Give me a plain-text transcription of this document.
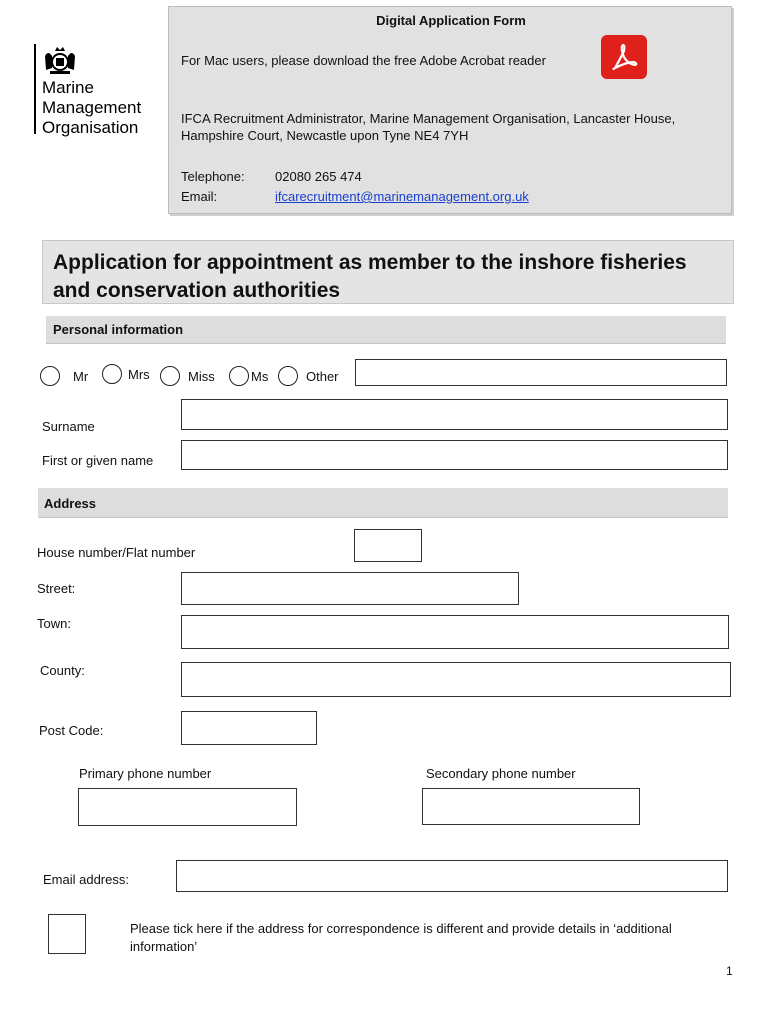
Marine
Management
Organisation
Digital Application Form
For Mac users, please download the free Adobe Acrobat reader
IFCA Recruitment Administrator, Marine Management Organisation, Lancaster House, Hampshire Court, Newcastle upon Tyne NE4 7YH
Telephone: 02080 265 474
Email:	ifcarecruitment@marinemanagement.org.uk
Application for appointment as member to the inshore fisheries and conservation authorities
Personal information
Mr	Mrs	Miss	Ms	Other
Surname
First or given name
Address
House number/Flat number
Street:
Town:
County:
Post Code:
Primary phone number	Secondary phone number
Email address:
Please tick here if the address for correspondence is different and provide details in ‘additional information’
1
